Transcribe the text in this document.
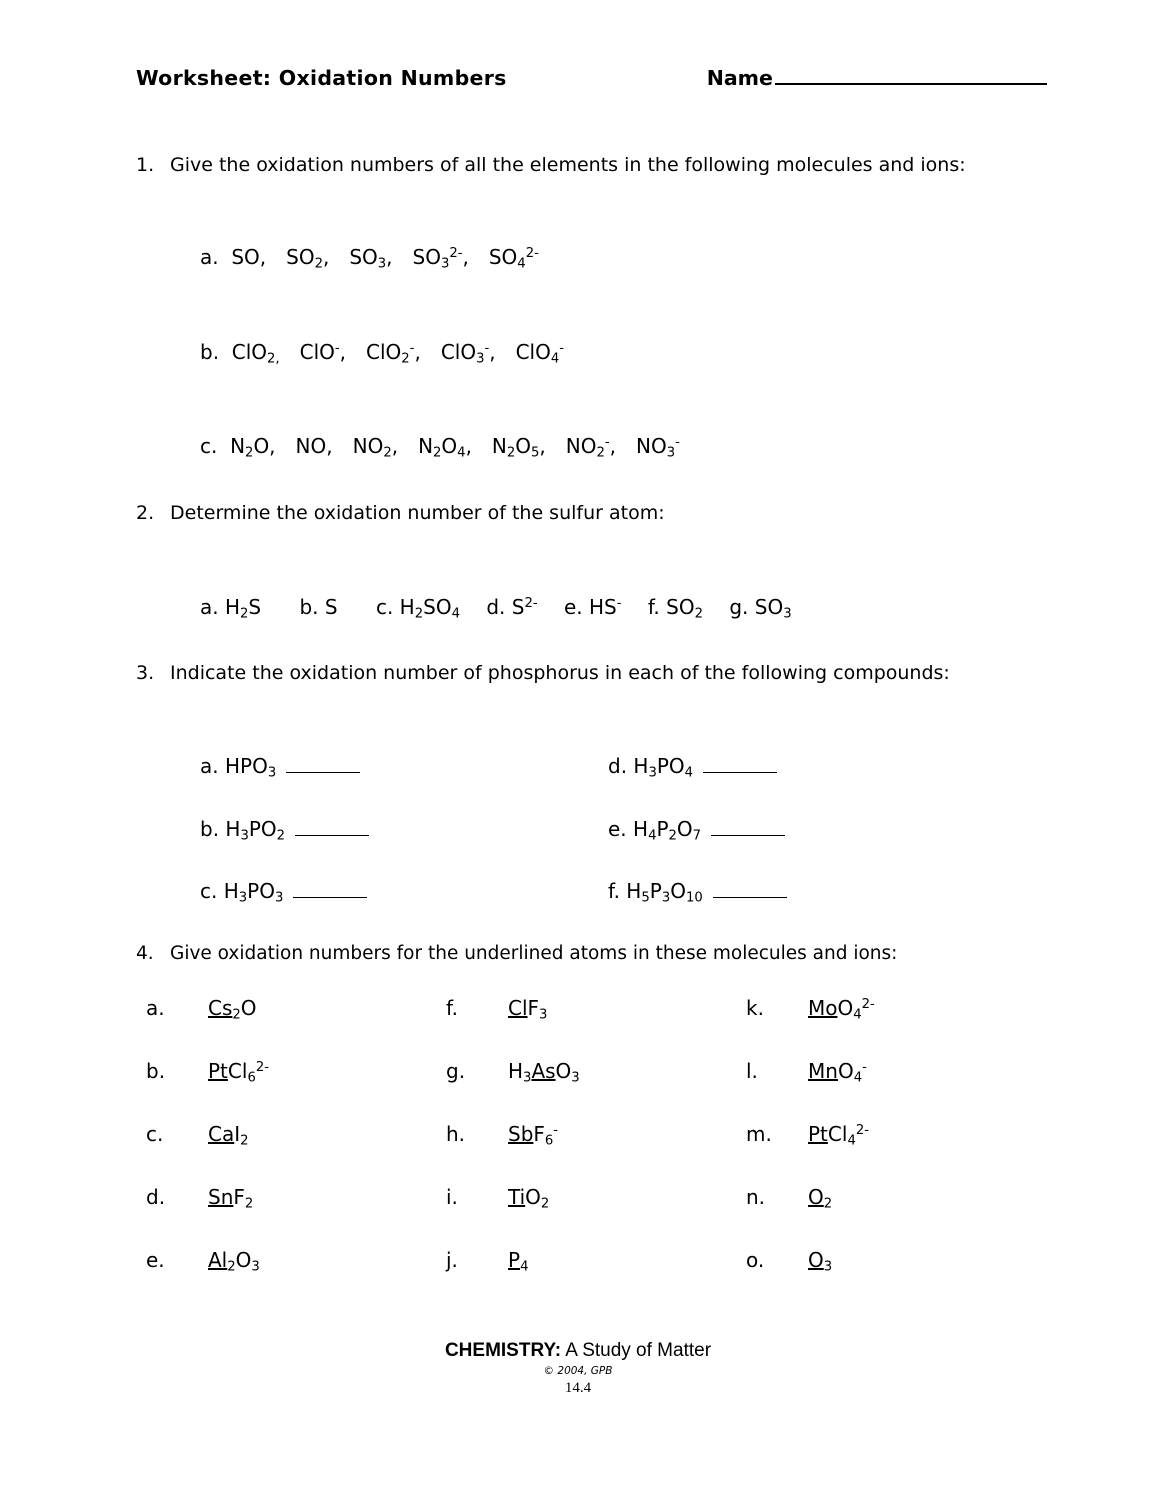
Worksheet: Oxidation Numbers	Name
1. Give the oxidation numbers of all the elements in the following molecules and ions:
a.  SO, $SO_2$, $SO_3$, $SO_3^{2-}$, $SO_4^{2-}$
b.  ClO$_{2,}$ ClO-, ClO$_2$-, ClO$_3$-, ClO$_4$-
c.  $N_2O$, NO, $NO_2$, $N_2O_4$, $N_2O_5$, $NO_2^-$, $NO_3^-$
2. Determine the oxidation number of the sulfur atom:
a. $H_2S$ b. S c. $H_2SO_4$ d. $S^{2-}$ e. HS- f. $SO_2$ g. $SO_3$
3. Indicate the oxidation number of phosphorus in each of the following compounds:
a. $HPO_3$
b. $H_3PO_2$
c. $H_3PO_3$
d. $H_3PO_4$
e. $H_4P_2O_7$
f. $H_5P_3O_{10}$
4. Give oxidation numbers for the underlined atoms in these molecules and ions:
a.	$Cs_2O$	f.	ClF$_3$	k.	MoO$_4^{2-}$
b.	PtCl$_6^{2-}$	g.	$H_3AsO_3$	l.	MnO$_4$-
c.	CaI$_2$	h.	SbF$_6$-	m.	PtCl$_4^{2-}$
d.	SnF$_2$	i.	TiO$_2$	n.	$O_2$
e.	$Al_2O_3$	j.	$P_4$	o.	$O_3$
CHEMISTRY: A Study of Matter
© 2004, GPB
14.4
